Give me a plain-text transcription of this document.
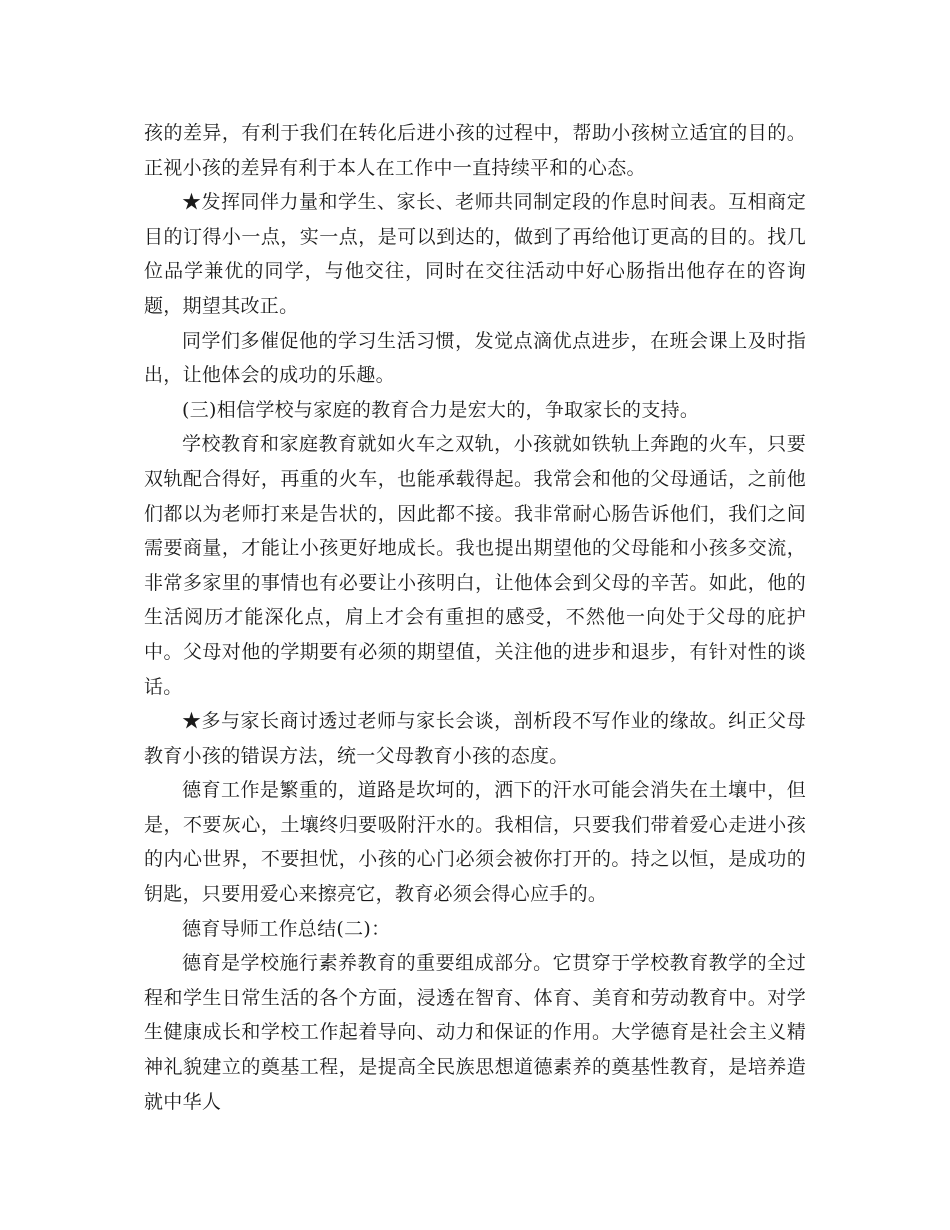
孩的差异，有利于我们在转化后进小孩的过程中，帮助小孩树立适宜的目的。正视小孩的差异有利于本人在工作中一直持续平和的心态。

★发挥同伴力量和学生、家长、老师共同制定段的作息时间表。互相商定目的订得小一点，实一点，是可以到达的，做到了再给他订更高的目的。找几位品学兼优的同学，与他交往，同时在交往活动中好心肠指出他存在的咨询题，期望其改正。

同学们多催促他的学习生活习惯，发觉点滴优点进步，在班会课上及时指出，让他体会的成功的乐趣。

(三)相信学校与家庭的教育合力是宏大的，争取家长的支持。

学校教育和家庭教育就如火车之双轨，小孩就如铁轨上奔跑的火车，只要双轨配合得好，再重的火车，也能承载得起。我常会和他的父母通话，之前他们都以为老师打来是告状的，因此都不接。我非常耐心肠告诉他们，我们之间需要商量，才能让小孩更好地成长。我也提出期望他的父母能和小孩多交流，非常多家里的事情也有必要让小孩明白，让他体会到父母的辛苦。如此，他的生活阅历才能深化点，肩上才会有重担的感受，不然他一向处于父母的庇护中。父母对他的学期要有必须的期望值，关注他的进步和退步，有针对性的谈话。

★多与家长商讨透过老师与家长会谈，剖析段不写作业的缘故。纠正父母教育小孩的错误方法，统一父母教育小孩的态度。

德育工作是繁重的，道路是坎坷的，洒下的汗水可能会消失在土壤中，但是，不要灰心，土壤终归要吸附汗水的。我相信，只要我们带着爱心走进小孩的内心世界，不要担忧，小孩的心门必须会被你打开的。持之以恒，是成功的钥匙，只要用爱心来擦亮它，教育必须会得心应手的。

德育导师工作总结(二)：

德育是学校施行素养教育的重要组成部分。它贯穿于学校教育教学的全过程和学生日常生活的各个方面，浸透在智育、体育、美育和劳动教育中。对学生健康成长和学校工作起着导向、动力和保证的作用。大学德育是社会主义精神礼貌建立的奠基工程，是提高全民族思想道德素养的奠基性教育，是培养造就中华人
